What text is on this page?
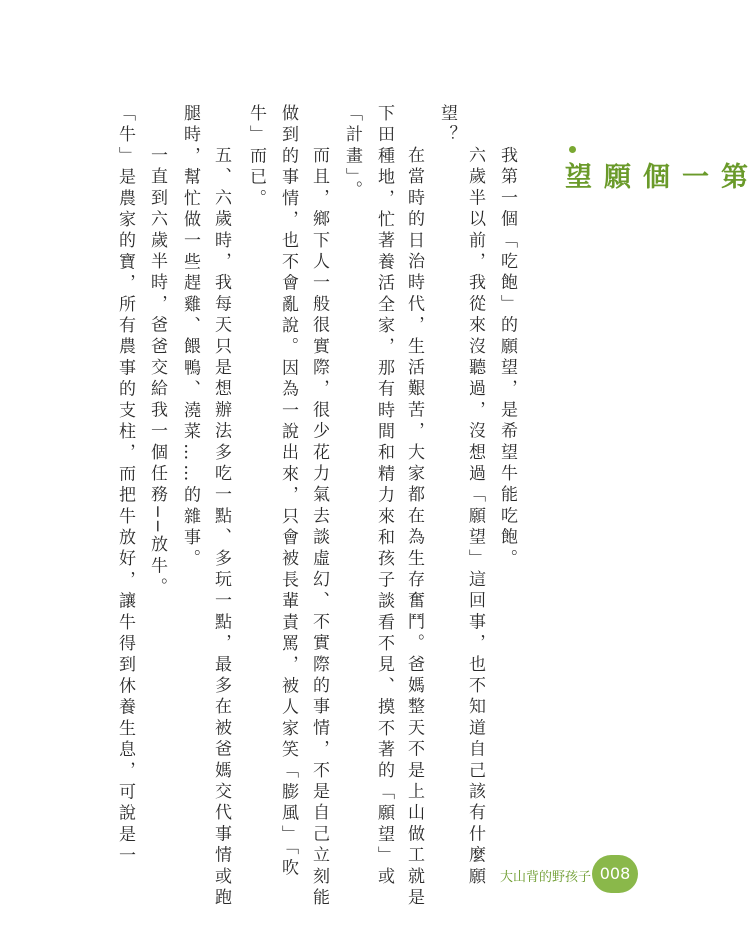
第一個願望
我第一個「吃飽」的願望，是希望牛能吃飽。
六歲半以前，我從來沒聽過，沒想過「願望」這回事，也不知道自己該有什麼願
望？
在當時的日治時代，生活艱苦，大家都在為生存奮鬥。爸媽整天不是上山做工就是
下田種地，忙著養活全家，那有時間和精力來和孩子談看不見、摸不著的「願望」或
「計畫」。
而且，鄉下人一般很實際，很少花力氣去談虛幻、不實際的事情，不是自己立刻能
做到的事情，也不會亂說。因為一說出來，只會被長輩責罵，被人家笑「膨風」「吹
牛」而已。
五、六歲時，我每天只是想辦法多吃一點、多玩一點，最多在被爸媽交代事情或跑
腿時，幫忙做一些趕雞、餵鴨、澆菜……的雜事。
一直到六歲半時，爸爸交給我一個任務──放牛。
「牛」是農家的寶，所有農事的支柱，而把牛放好，讓牛得到休養生息，可說是一
大山背的野孩子 008
